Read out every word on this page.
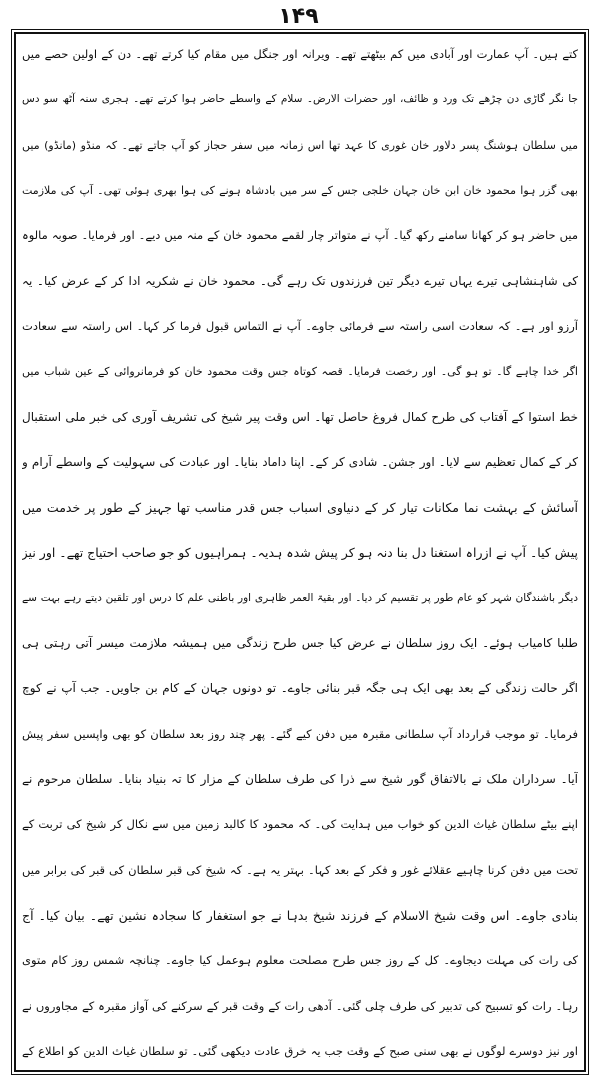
۱۴۹
کتے ہیں۔ آپ عمارت اور آبادی میں کم بیٹھتے تھے۔ ویرانہ اور جنگل میں مقام کیا کرتے تھے۔ دن کے اولین حصے میں
جا نگر گاڑی دن چڑھے تک ورد و ظائف، اور حضرات الارض۔ سلام کے واسطے حاضر ہوا کرتے تھے۔ ہجری سنہ آٹھ سو دس
میں سلطان ہوشنگ پسر دلاور خان غوری کا عہد تھا اس زمانہ میں سفر حجاز کو آپ جاتے تھے۔ کہ منڈو (مانڈو) میں
بھی گزر ہوا محمود خان ابن خان جہان خلجی جس کے سر میں بادشاہ ہونے کی ہوا بھری ہوئی تھی۔ آپ کی ملازمت
میں حاضر ہو کر کھانا سامنے رکھ گیا۔ آپ نے متواتر چار لقمے محمود خان کے منہ میں دیے۔ اور فرمایا۔ صوبہ مالوہ
کی شاہنشاہی تیرے یہاں تیرے دیگر تین فرزندوں تک رہے گی۔ محمود خان نے شکریہ ادا کر کے عرض کیا۔ یہ
آرزو اور ہے۔ کہ سعادت اسی راستہ سے فرمائی جاوے۔ آپ نے التماس قبول فرما کر کہا۔ اس راستہ سے سعادت
اگر خدا چاہے گا۔ تو ہو گی۔ اور رخصت فرمایا۔ قصہ کوتاہ جس وقت محمود خان کو فرمانروائی کے عین شباب میں
خط استوا کے آفتاب کی طرح کمال فروغ حاصل تھا۔ اس وقت پیر شیخ کی تشریف آوری کی خبر ملی استقبال
کر کے کمال تعظیم سے لایا۔ اور جشن۔ شادی کر کے۔ اپنا داماد بنایا۔ اور عبادت کی سہولیت کے واسطے آرام و
آسائش کے بہشت نما مکانات تیار کر کے دنیاوی اسباب جس قدر مناسب تھا جہیز کے طور پر خدمت میں
پیش کیا۔ آپ نے ازراہ استغنا دل بنا دنہ ہو کر پیش شدہ ہدیہ۔ ہمراہیوں کو جو صاحب احتیاج تھے۔ اور نیز
دیگر باشندگان شہر کو عام طور پر تقسیم کر دیا۔ اور بقیۃ العمر ظاہری اور باطنی علم کا درس اور تلقین دیتے رہے بہت سے
طلبا کامیاب ہوئے۔ ایک روز سلطان نے عرض کیا جس طرح زندگی میں ہمیشہ ملازمت میسر آتی رہتی ہی
اگر حالت زندگی کے بعد بھی ایک ہی جگہ قبر بنائی جاوے۔ تو دونوں جہان کے کام بن جاویں۔ جب آپ نے کوچ
فرمایا۔ تو موجب قرارداد آپ سلطانی مقبرہ میں دفن کیے گئے۔ پھر چند روز بعد سلطان کو بھی واپسیں سفر پیش
آیا۔ سرداران ملک نے بالاتفاق گور شیخ سے ذرا کی طرف سلطان کے مزار کا تہ بنیاد بنایا۔ سلطان مرحوم نے
اپنے بیٹے سلطان غیاث الدین کو خواب میں ہدایت کی۔ کہ محمود کا کالبد زمین میں سے نکال کر شیخ کی تربت کے
تحت میں دفن کرنا چاہیے عقلائے غور و فکر کے بعد کہا۔ بہتر یہ ہے۔ کہ شیخ کی قبر سلطان کی قبر کی برابر میں
بنادی جاوے۔ اس وقت شیخ الاسلام کے فرزند شیخ بدہا نے جو استغفار کا سجادہ نشین تھے۔ بیان کیا۔ آج
کی رات کی مہلت دیجاوے۔ کل کے روز جس طرح مصلحت معلوم ہوعمل کیا جاوے۔ چنانچہ شمس روز کام متوی
رہا۔ رات کو تسبیح کی تدبیر کی طرف چلی گئی۔ آدھی رات کے وقت قبر کے سرکنے کی آواز مقبرہ کے مجاوروں نے
اور نیز دوسرے لوگوں نے بھی سنی صبح کے وقت جب یہ خرق عادت دیکھی گئی۔ تو سلطان غیاث الدین کو اطلاع کے
